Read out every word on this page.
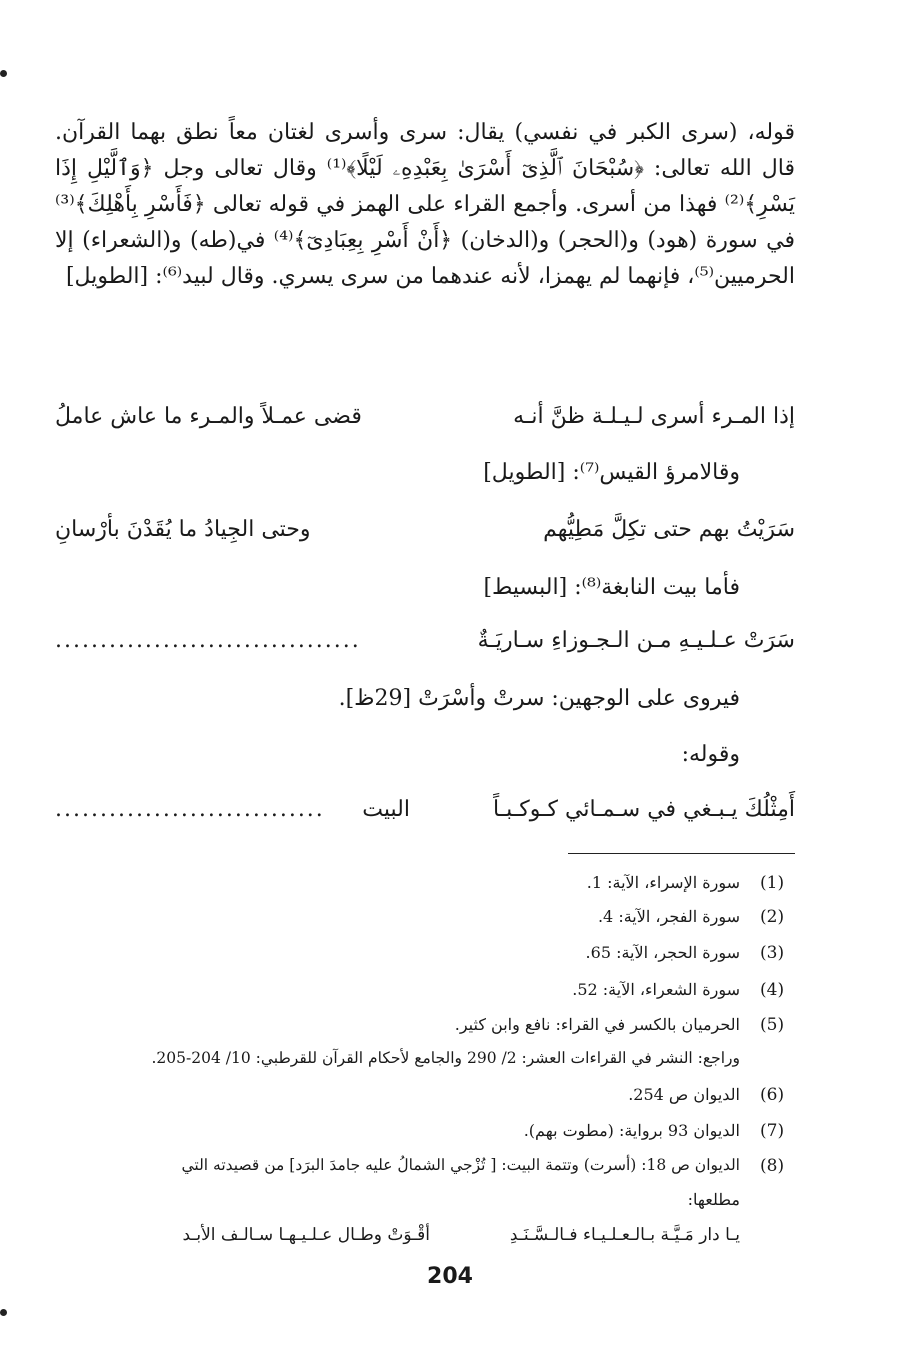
قوله، (سرى الكبر في نفسي) يقال: سرى وأسرى لغتان معاً نطق بهما القرآن. قال الله تعالى: ﴿سُبْحَانَ ٱلَّذِىٓ أَسْرَىٰ بِعَبْدِهِۦ لَيْلًا﴾⁽¹⁾ وقال تعالى وجل ﴿وَٱلَّيْلِ إِذَا يَسْرِ﴾⁽²⁾ فهذا من أسرى. وأجمع القراء على الهمز في قوله تعالى ﴿فَأَسْرِ بِأَهْلِكَ﴾⁽³⁾ في سورة (هود) و(الحجر) و(الدخان) ﴿أَنْ أَسْرِ بِعِبَادِىٓ﴾⁽⁴⁾ في(طه) و(الشعراء) إلا الحرميين⁽⁵⁾، فإنهما لم يهمزا، لأنه عندهما من سرى يسري. وقال لبيد⁽⁶⁾: [الطويل]
إذا المـرء أسرى لـيـلـة ظنَّ أنـه
قضى عمـلاً والمـرء ما عاش عاملُ
وقالامرؤ القيس⁽⁷⁾: [الطويل]
سَرَيْتُ بهم حتى تكِلَّ مَطِيُّهم
وحتى الجِيادُ ما يُقَدْنَ بأرْسانِ
فأما بيت النابغة⁽⁸⁾: [البسيط]
سَرَتْ عـلـيـهِ مـن الـجـوزاءِ سـاريَـةٌ
..................................
فيروى على الوجهين: سرتْ وأسْرَتْ [29ظ].
وقوله:
أَمِثْلُكَ يـبـغي في سـمـائي كـوكـبـاً
البيت
..............................
(1)
سورة الإسراء، الآية: 1.
(2)
سورة الفجر، الآية: 4.
(3)
سورة الحجر، الآية: 65.
(4)
سورة الشعراء، الآية: 52.
(5)
الحرميان بالكسر في القراء: نافع وابن كثير.
وراجع: النشر في القراءات العشر: 2/ 290 والجامع لأحكام القرآن للقرطبي: 10/ 204-205.
(6)
الديوان ص 254.
(7)
الديوان 93 برواية: (مطوت بهم).
(8)
الديوان ص 18: (أسرت) وتتمة البيت: [ تُزْجي الشمالُ عليه جامدَ البرَد] من قصيدته التي
مطلعها:
يـا دار مَـيَّـة بـالـعـلـيـاء فـالـسَّـنَـدِ
أقْـوَتْ وطـال عـلـيـهـا سـالـف الأبـد
204
